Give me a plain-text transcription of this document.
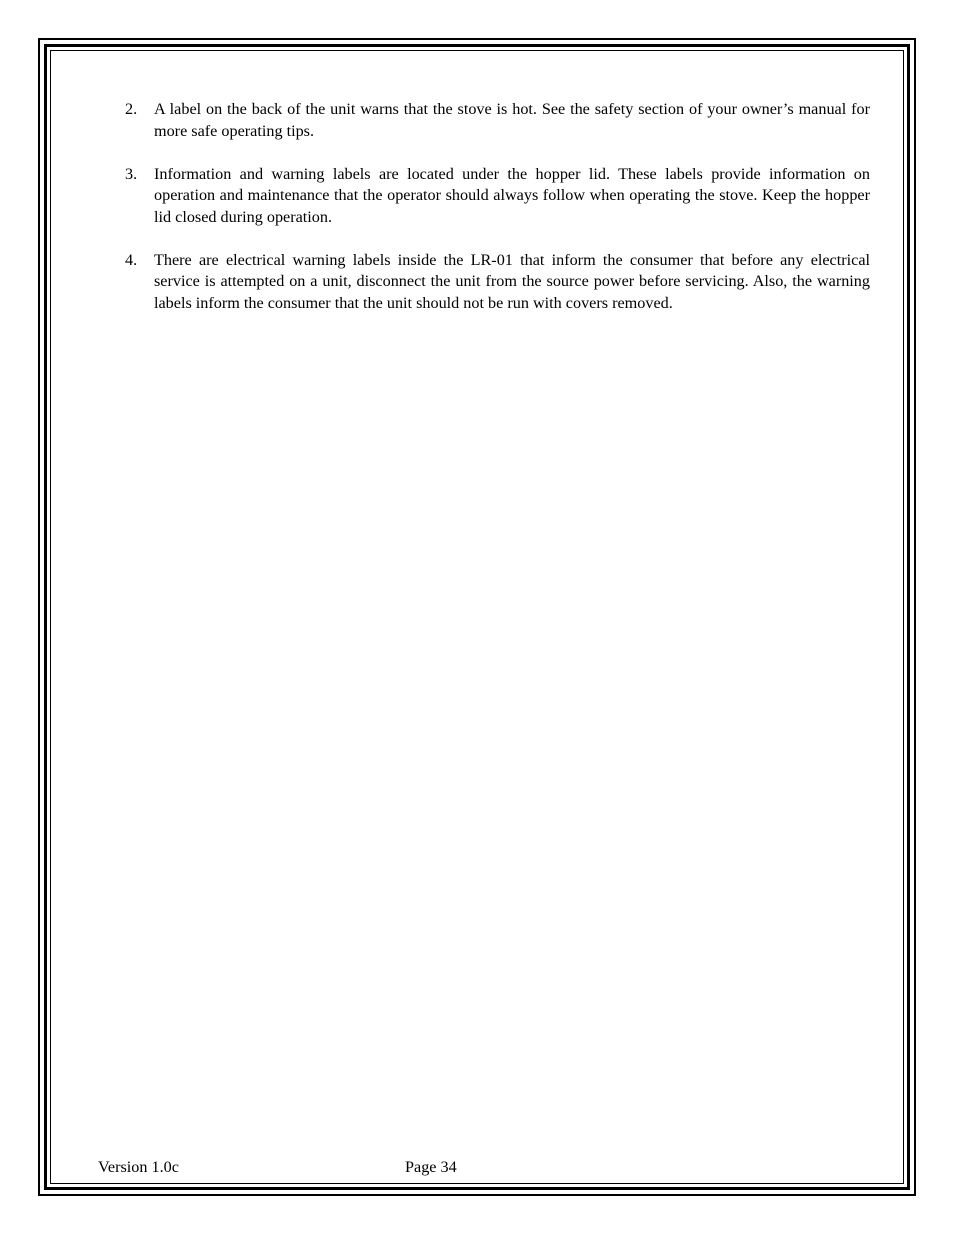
2.	A label on the back of the unit warns that the stove is hot. See the safety section of your owner’s manual for more safe operating tips.
3.	Information and warning labels are located under the hopper lid. These labels provide information on operation and maintenance that the operator should always follow when operating the stove. Keep the hopper lid closed during operation.
4.	There are electrical warning labels inside the LR-01 that inform the consumer that before any electrical service is attempted on a unit, disconnect the unit from the source power before servicing. Also, the warning labels inform the consumer that the unit should not be run with covers removed.
Version 1.0c	Page 34
